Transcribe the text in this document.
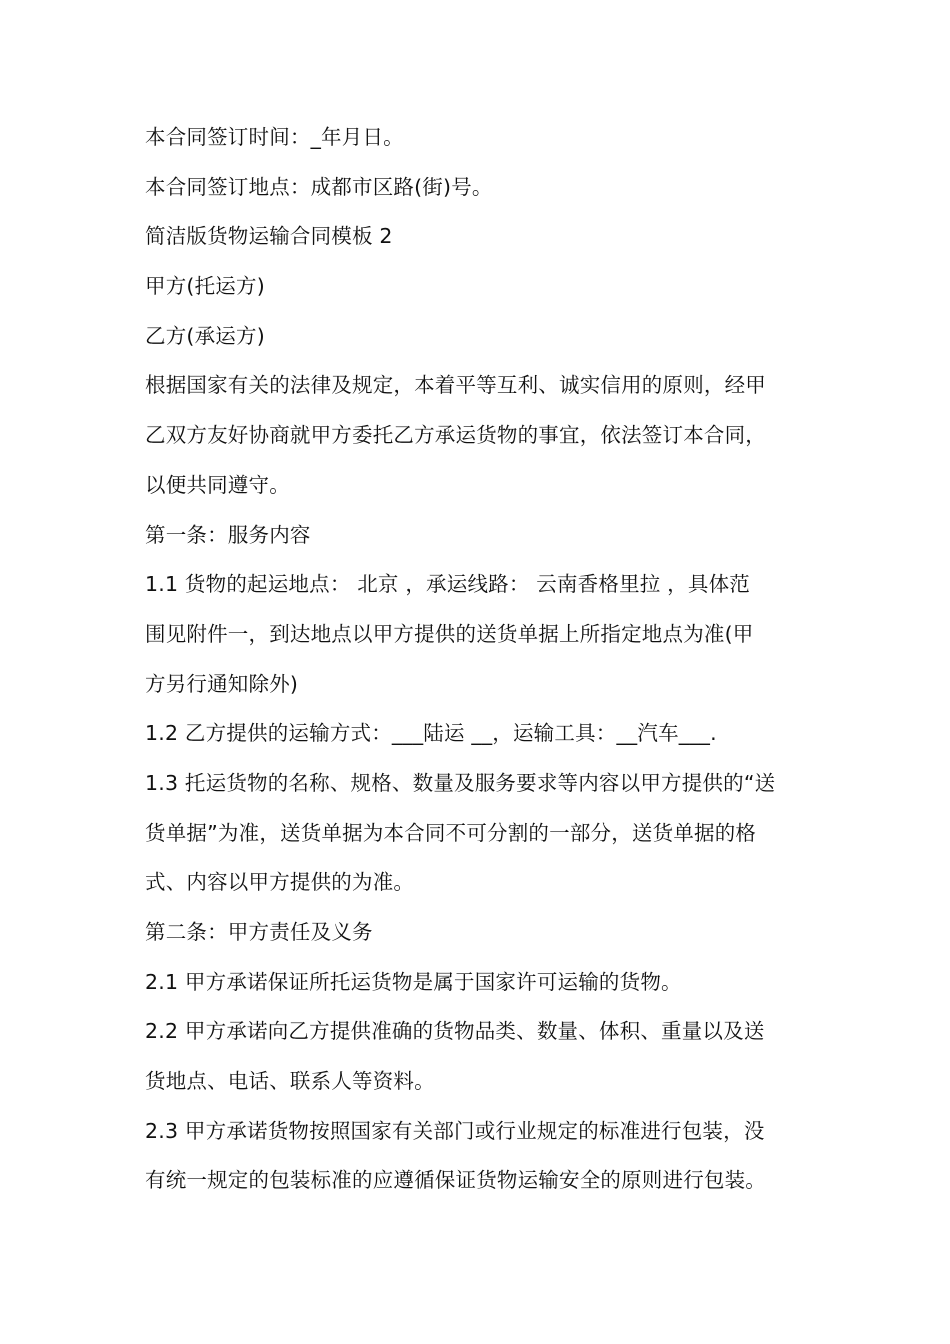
本合同签订时间：_年月日。

本合同签订地点：成都市区路(街)号。

简洁版货物运输合同模板 2

甲方(托运方)

乙方(承运方)

根据国家有关的法律及规定，本着平等互利、诚实信用的原则，经甲

乙双方友好协商就甲方委托乙方承运货物的事宜，依法签订本合同，

以便共同遵守。

第一条：服务内容

1.1 货物的起运地点： 北京 ，承运线路： 云南香格里拉 ，具体范

围见附件一，到达地点以甲方提供的送货单据上所指定地点为准(甲

方另行通知除外)

1.2 乙方提供的运输方式：___陆运 __，运输工具：__汽车___.

1.3 托运货物的名称、规格、数量及服务要求等内容以甲方提供的“送

货单据”为准，送货单据为本合同不可分割的一部分，送货单据的格

式、内容以甲方提供的为准。

第二条：甲方责任及义务

2.1 甲方承诺保证所托运货物是属于国家许可运输的货物。

2.2 甲方承诺向乙方提供准确的货物品类、数量、体积、重量以及送

货地点、电话、联系人等资料。

2.3 甲方承诺货物按照国家有关部门或行业规定的标准进行包装，没

有统一规定的包装标准的应遵循保证货物运输安全的原则进行包装。
